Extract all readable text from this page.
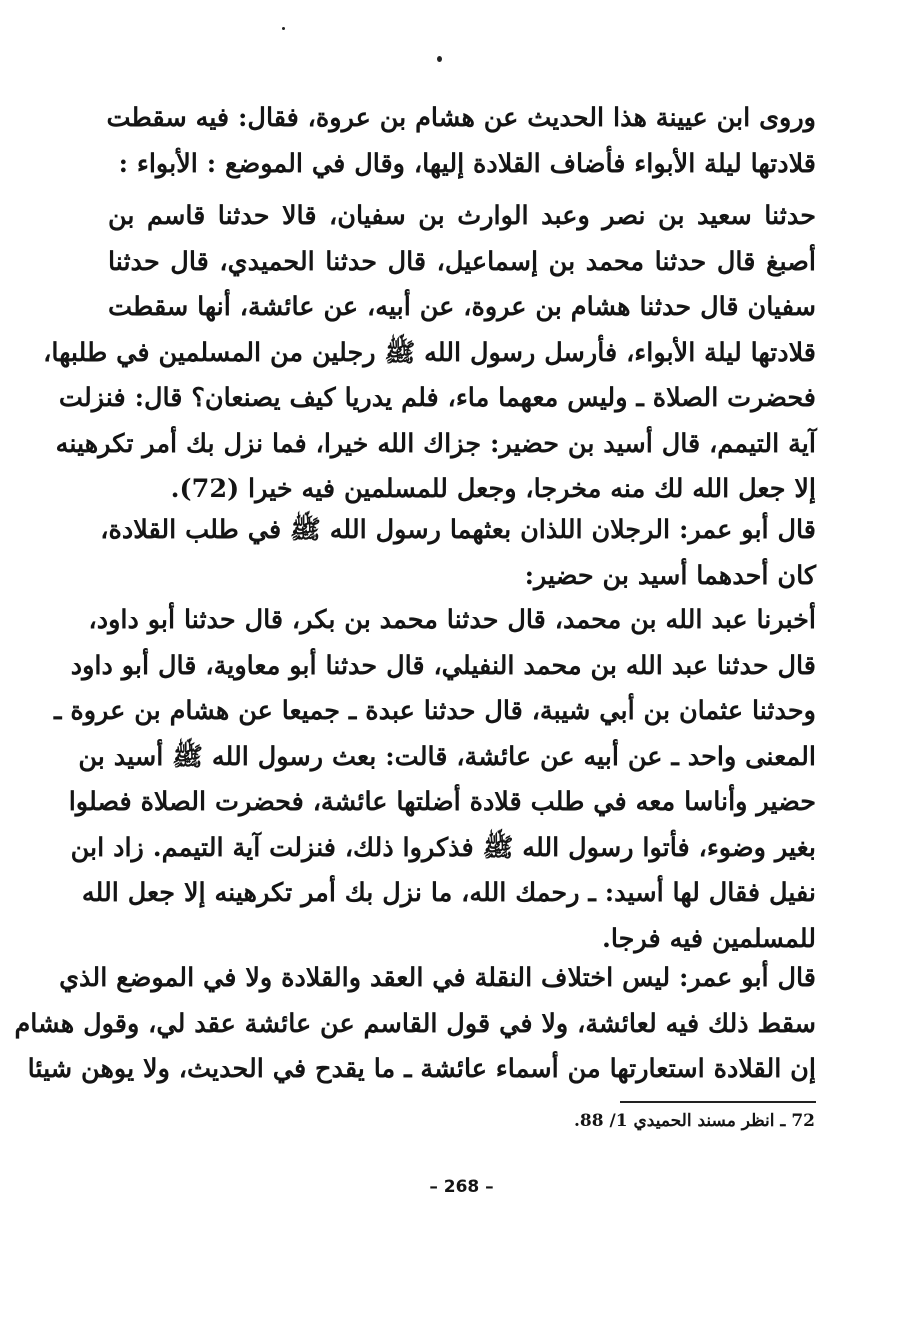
وروى ابن عيينة هذا الحديث عن هشام بن عروة، فقال: فيه سقطت
قلادتها ليلة الأبواء فأضاف القلادة إليها، وقال في الموضع : الأبواء :
حدثنا سعيد بن نصر وعبد الوارث بن سفيان، قالا حدثنا قاسم بن
أصبغ قال حدثنا محمد بن إسماعيل، قال حدثنا الحميدي، قال حدثنا
سفيان قال حدثنا هشام بن عروة، عن أبيه، عن عائشة، أنها سقطت
قلادتها ليلة الأبواء، فأرسل رسول الله ﷺ رجلين من المسلمين في طلبها،
فحضرت الصلاة ـ وليس معهما ماء، فلم يدريا كيف يصنعان؟ قال: فنزلت
آية التيمم، قال أسيد بن حضير: جزاك الله خيرا، فما نزل بك أمر تكرهينه
إلا جعل الله لك منه مخرجا، وجعل للمسلمين فيه خيرا (72).
قال أبو عمر: الرجلان اللذان بعثهما رسول الله ﷺ في طلب القلادة،
كان أحدهما أسيد بن حضير:
أخبرنا عبد الله بن محمد، قال حدثنا محمد بن بكر، قال حدثنا أبو داود،
قال حدثنا عبد الله بن محمد النفيلي، قال حدثنا أبو معاوية، قال أبو داود
وحدثنا عثمان بن أبي شيبة، قال حدثنا عبدة ـ جميعا عن هشام بن عروة ـ
المعنى واحد ـ عن أبيه عن عائشة، قالت: بعث رسول الله ﷺ أسيد بن
حضير وأناسا معه في طلب قلادة أضلتها عائشة، فحضرت الصلاة فصلوا
بغير وضوء، فأتوا رسول الله ﷺ فذكروا ذلك، فنزلت آية التيمم. زاد ابن
نفيل فقال لها أسيد: ـ رحمك الله، ما نزل بك أمر تكرهينه إلا جعل الله
للمسلمين فيه فرجا.
قال أبو عمر: ليس اختلاف النقلة في العقد والقلادة ولا في الموضع الذي
سقط ذلك فيه لعائشة، ولا في قول القاسم عن عائشة عقد لي، وقول هشام
إن القلادة استعارتها من أسماء عائشة ـ ما يقدح في الحديث، ولا يوهن شيئا
72 ـ انظر مسند الحميدي 1/ 88.
– 268 –
